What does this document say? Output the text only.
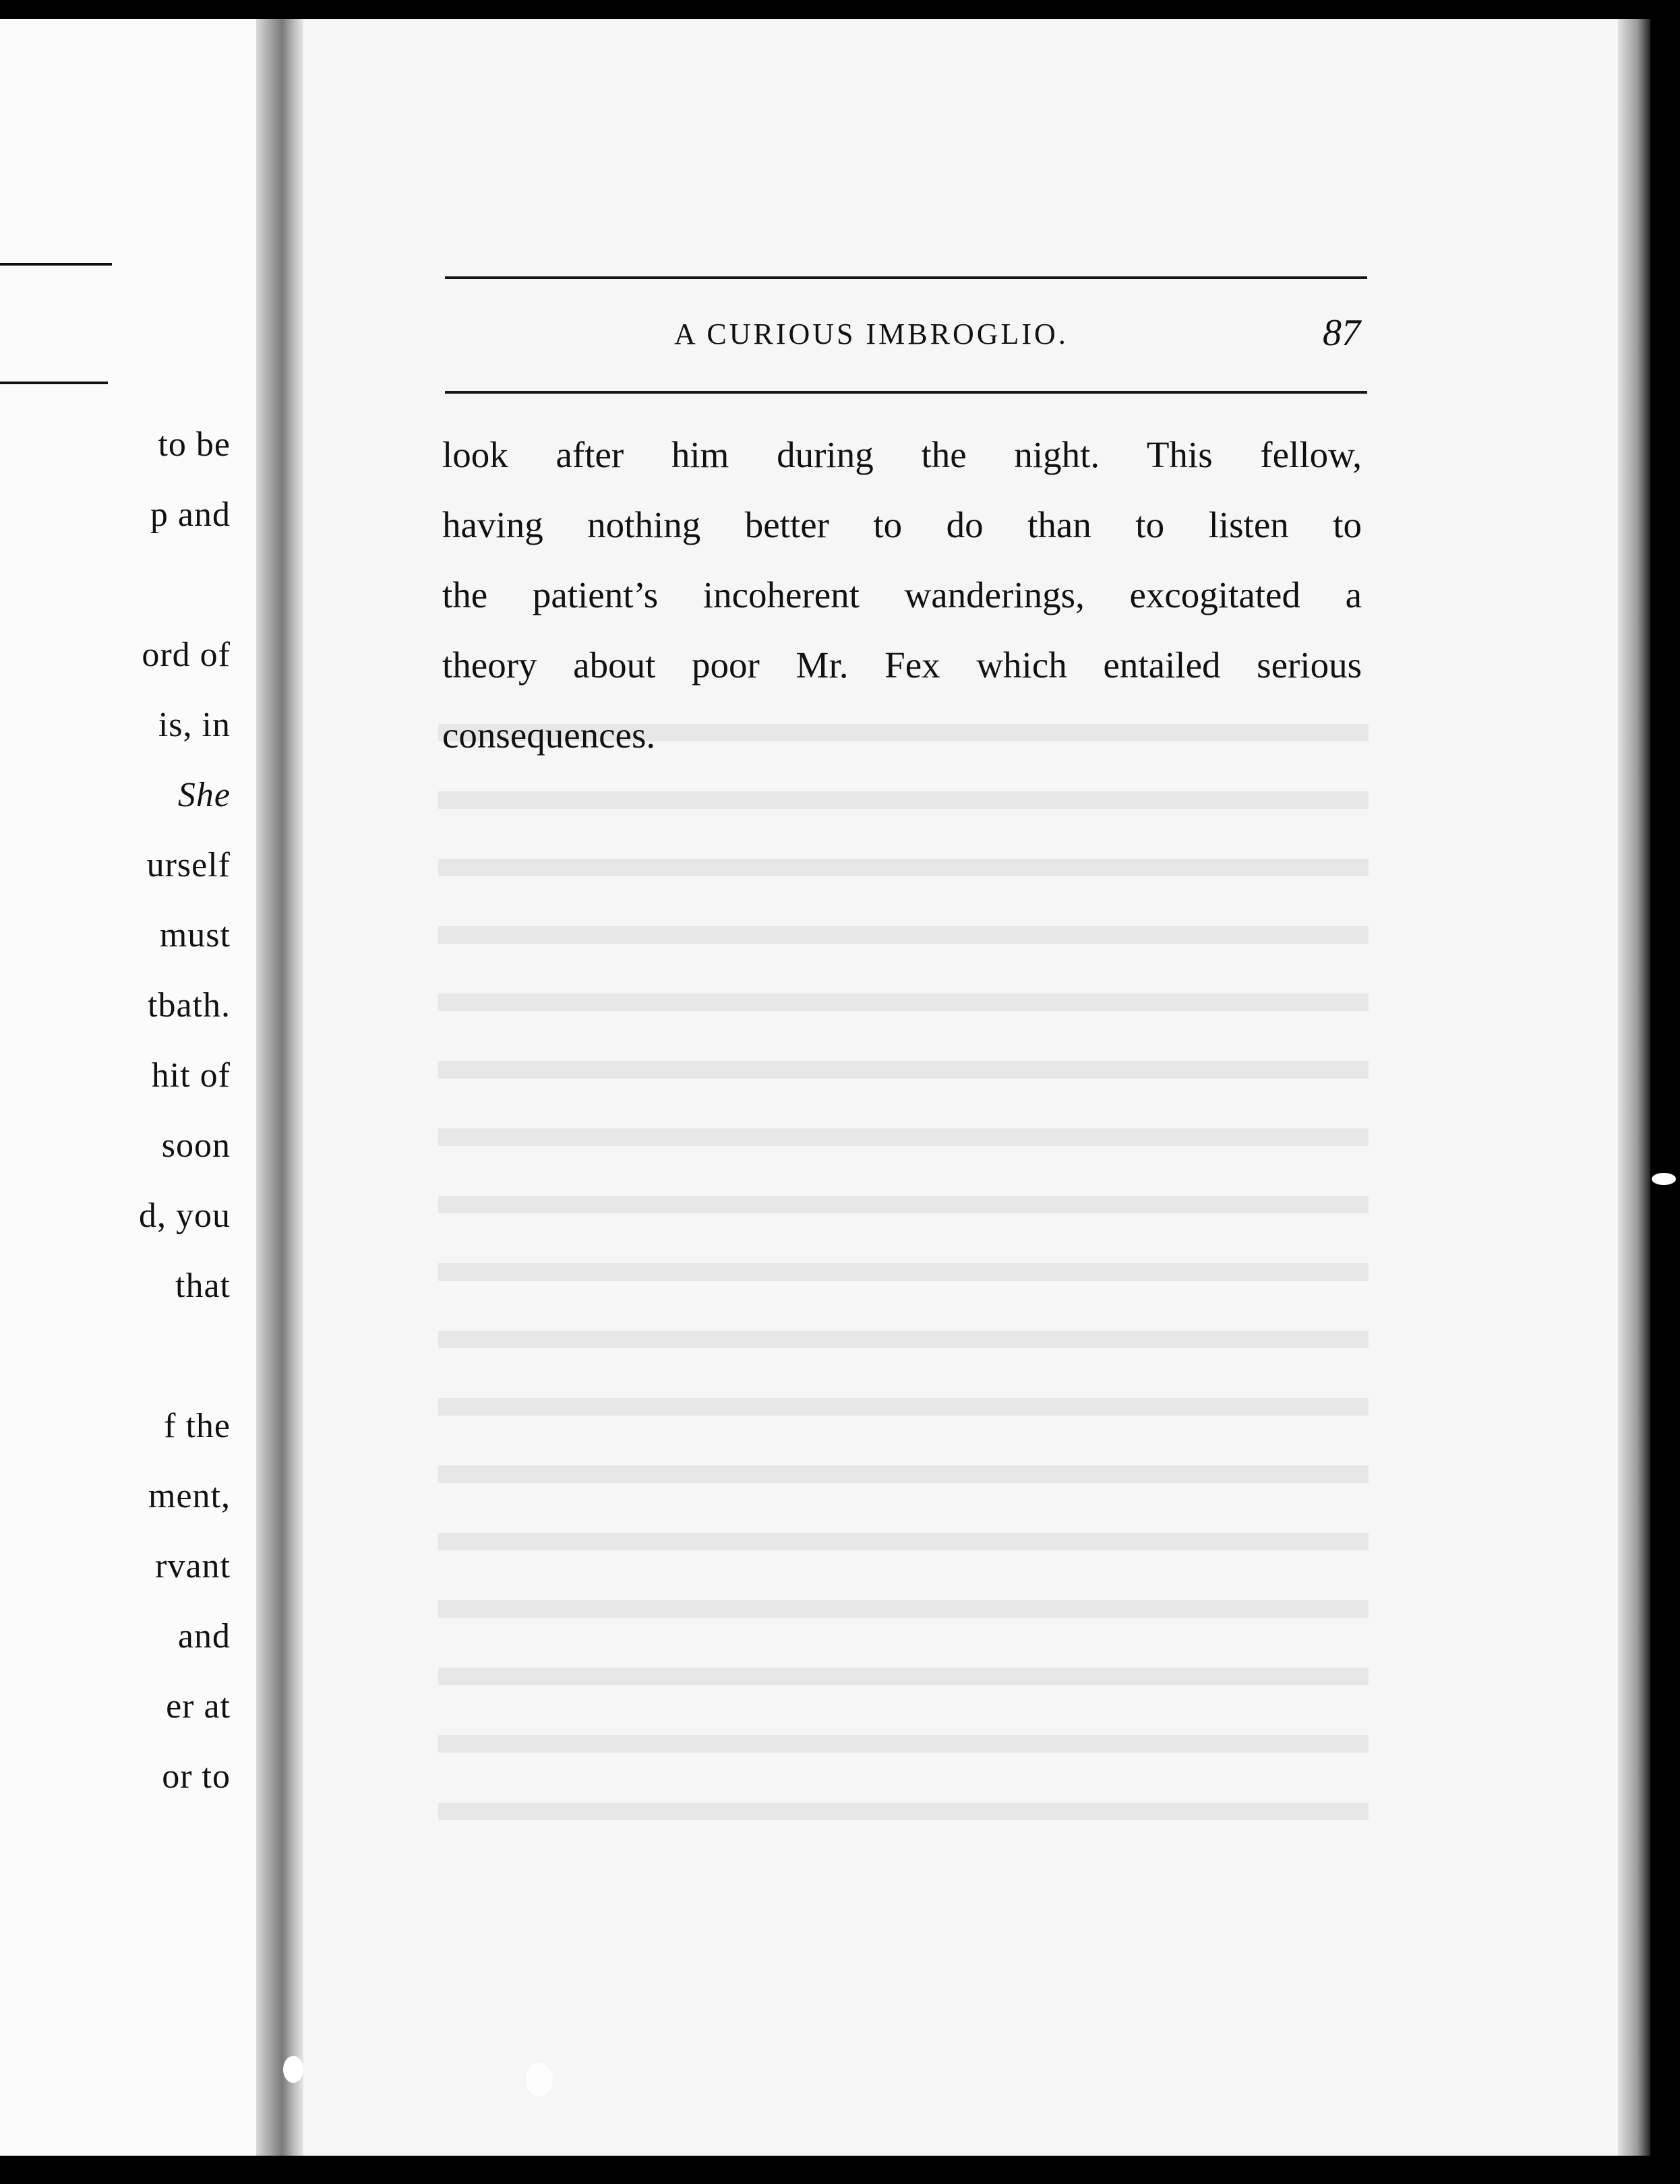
to be
p and
ord of
is, in
She
urself
must
tbath.
hit of
soon
d, you
that
f the
ment,
rvant
and
er at
or to
A CURIOUS IMBROGLIO.	87
look after him during the night. This fellow,
having nothing better to do than to listen to
the patient’s incoherent wanderings, excogitated a
theory about poor Mr. Fex which entailed serious
consequences.
